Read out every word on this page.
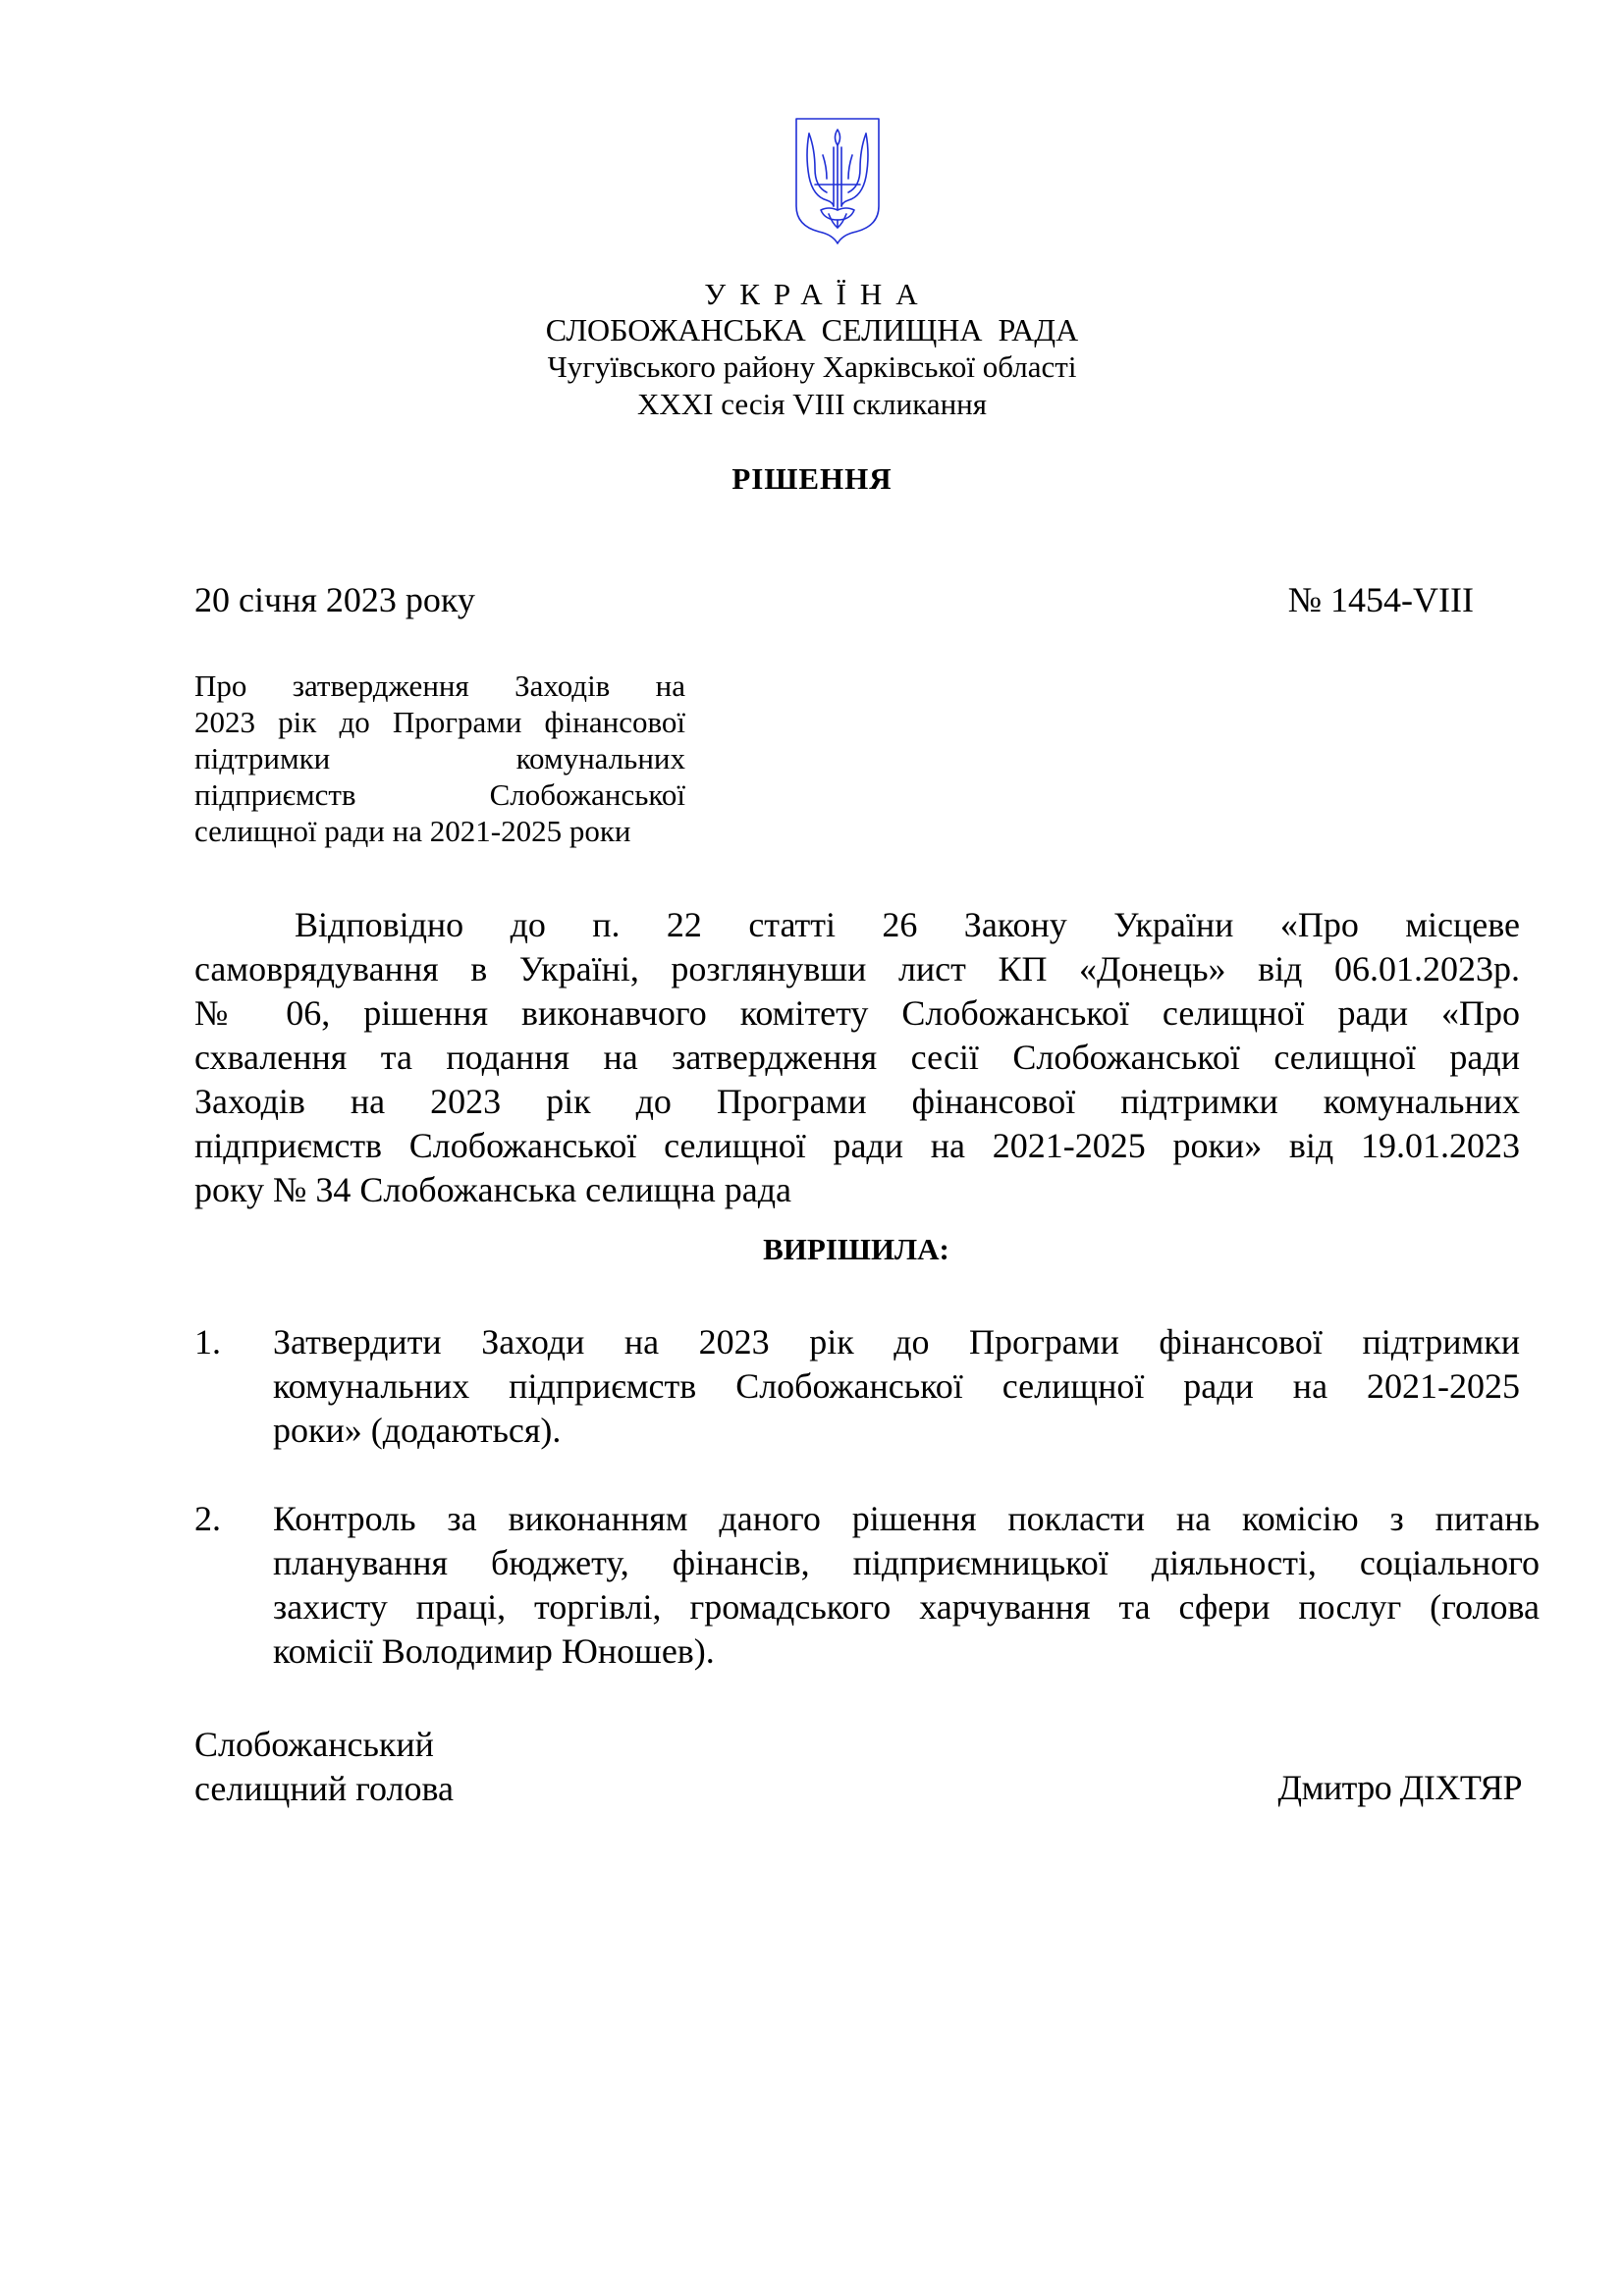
УКРАЇНА
СЛОБОЖАНСЬКА СЕЛИЩНА РАДА
Чугуївського району Харківської області
XXXI сесія VIII скликання
РІШЕННЯ
20 січня 2023 року	№ 1454-VIII
Про затвердження Заходів на
2023 рік до Програми фінансової
підтримки комунальних
підприємств Слобожанської
селищної ради на 2021-2025 роки
Відповідно до п. 22 статті 26 Закону України «Про місцеве
самоврядування в Україні, розглянувши лист КП «Донець» від 06.01.2023р.
№ 06, рішення виконавчого комітету Слобожанської селищної ради «Про
схвалення та подання на затвердження сесії Слобожанської селищної ради
Заходів на 2023 рік до Програми фінансової підтримки комунальних
підприємств Слобожанської селищної ради на 2021-2025 роки» від 19.01.2023
року № 34 Слобожанська селищна рада
ВИРІШИЛА:
1. Затвердити Заходи на 2023 рік до Програми фінансової підтримки
комунальних підприємств Слобожанської селищної ради на 2021-2025
роки» (додаються).
2. Контроль за виконанням даного рішення покласти на комісію з питань
планування бюджету, фінансів, підприємницької діяльності, соціального
захисту праці, торгівлі, громадського харчування та сфери послуг (голова
комісії Володимир Юношев).
Слобожанський
селищний голова	Дмитро ДІХТЯР
